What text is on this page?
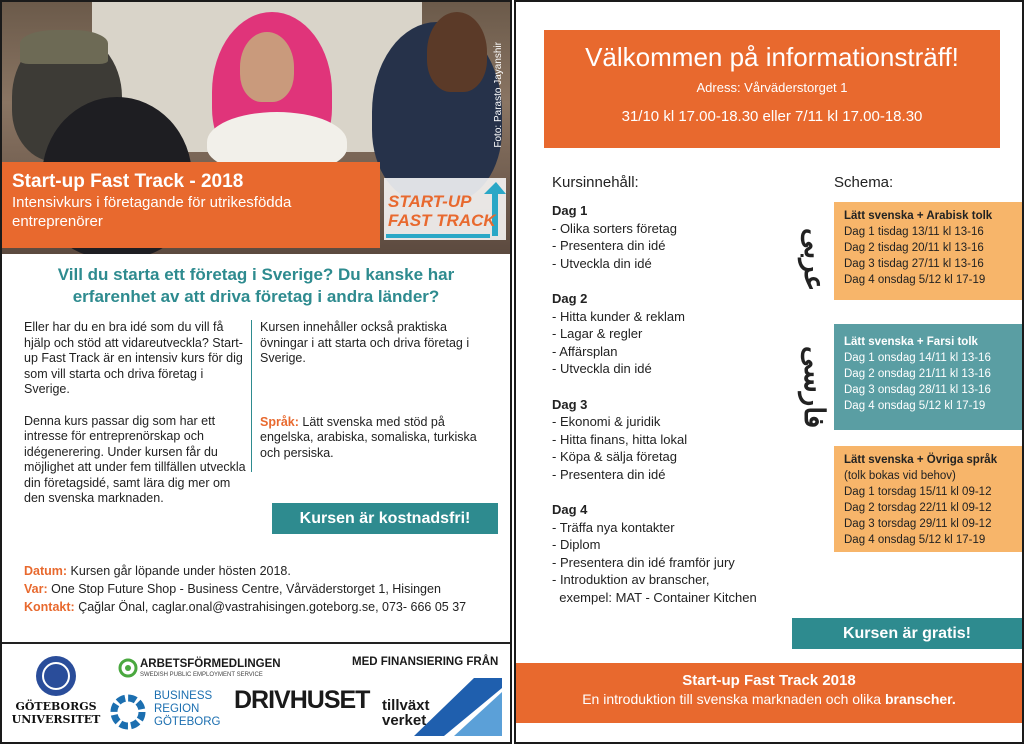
Foto: Parasto Jayanshir
Start-up Fast Track - 2018
Intensivkurs i företagande för utrikesfödda entreprenörer
START-UP
FAST TRACK
Vill du starta ett företag i Sverige? Du kanske har erfarenhet av att driva företag i andra länder?

Eller har du en bra idé som du vill få hjälp och stöd att vidareutveckla? Start-up Fast Track är en intensiv kurs för dig som vill starta och driva företag i Sverige.

Denna kurs passar dig som har ett intresse för entreprenörskap och idégenerering. Under kursen får du möjlighet att under fem tillfällen utveckla din företagsidé, samt lära dig mer om den svenska marknaden.

Kursen innehåller också praktiska övningar i att starta och driva företag i Sverige.

Språk: Lätt svenska med stöd på engelska, arabiska, somaliska, turkiska och persiska.

Kursen är kostnadsfri!
Datum: Kursen går löpande under hösten 2018.
Var: One Stop Future Shop - Business Centre, Vårväderstorget 1, Hisingen
Kontakt: Çağlar Önal, caglar.onal@vastrahisingen.goteborg.se, 073- 666 05 37
GÖTEBORGS
UNIVERSITET
ARBETSFÖRMEDLINGEN
SWEDISH PUBLIC EMPLOYMENT SERVICE
BUSINESS
REGION
GÖTEBORG
DRIVHUSET
MED FINANSIERING FRÅN
tillväxt
verket
Välkommen på informationsträff!
Adress: Vårväderstorget 1
31/10 kl 17.00-18.30 eller 7/11 kl 17.00-18.30
Kursinnehåll:	Schema:
Dag 1
- Olika sorters företag
- Presentera din idé
- Utveckla din idé
Dag 2
- Hitta kunder & reklam
- Lagar & regler
- Affärsplan
- Utveckla din idé
Dag 3
- Ekonomi & juridik
- Hitta finans, hitta lokal
- Köpa & sälja företag
- Presentera din idé
Dag 4
- Träffa nya kontakter
- Diplom
- Presentera din idé framför jury
- Introduktion av branscher,
exempel: MAT - Container Kitchen
عربی
Lätt svenska + Arabisk tolk
Dag 1 tisdag 13/11 kl 13-16
Dag 2 tisdag 20/11 kl 13-16
Dag 3 tisdag 27/11 kl 13-16
Dag 4 onsdag 5/12 kl 17-19
فارسی
Lätt svenska + Farsi tolk
Dag 1 onsdag 14/11 kl 13-16
Dag 2 onsdag 21/11 kl 13-16
Dag 3 onsdag 28/11 kl 13-16
Dag 4 onsdag 5/12 kl 17-19
Lätt svenska + Övriga språk
(tolk bokas vid behov)
Dag 1 torsdag 15/11 kl 09-12
Dag 2 torsdag 22/11 kl 09-12
Dag 3 torsdag 29/11 kl 09-12
Dag 4 onsdag 5/12 kl 17-19
Kursen är gratis!
Start-up Fast Track 2018
En introduktion till svenska marknaden och olika branscher.
